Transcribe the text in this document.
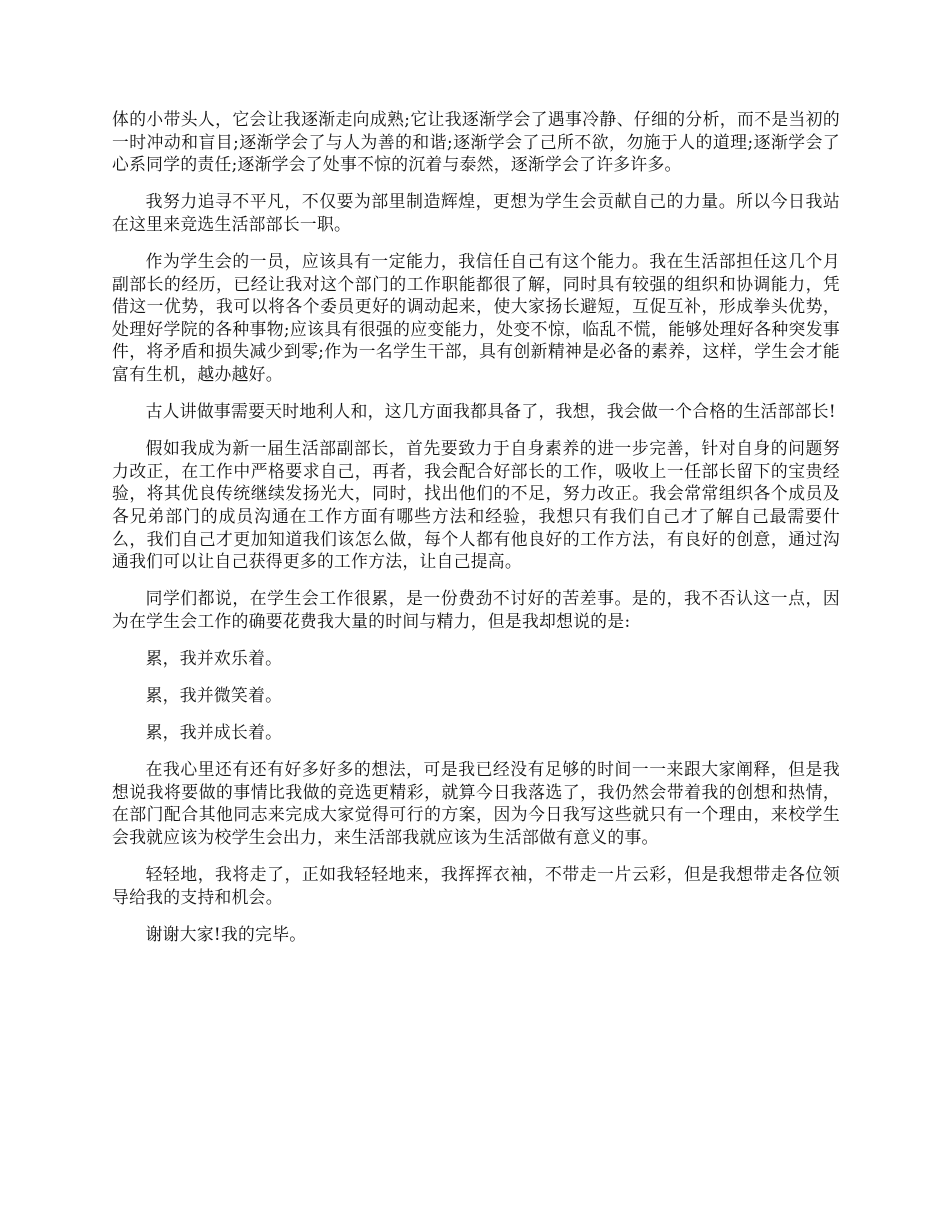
体的小带头人，它会让我逐渐走向成熟;它让我逐渐学会了遇事冷静、仔细的分析，而不是当初的一时冲动和盲目;逐渐学会了与人为善的和谐;逐渐学会了己所不欲，勿施于人的道理;逐渐学会了心系同学的责任;逐渐学会了处事不惊的沉着与泰然，逐渐学会了许多许多。

我努力追寻不平凡，不仅要为部里制造辉煌，更想为学生会贡献自己的力量。所以今日我站在这里来竞选生活部部长一职。

作为学生会的一员，应该具有一定能力，我信任自己有这个能力。我在生活部担任这几个月副部长的经历，已经让我对这个部门的工作职能都很了解，同时具有较强的组织和协调能力，凭借这一优势，我可以将各个委员更好的调动起来，使大家扬长避短，互促互补，形成拳头优势，处理好学院的各种事物;应该具有很强的应变能力，处变不惊，临乱不慌，能够处理好各种突发事件，将矛盾和损失减少到零;作为一名学生干部，具有创新精神是必备的素养，这样，学生会才能富有生机，越办越好。

古人讲做事需要天时地利人和，这几方面我都具备了，我想，我会做一个合格的生活部部长!

假如我成为新一届生活部副部长，首先要致力于自身素养的进一步完善，针对自身的问题努力改正，在工作中严格要求自己，再者，我会配合好部长的工作，吸收上一任部长留下的宝贵经验，将其优良传统继续发扬光大，同时，找出他们的不足，努力改正。我会常常组织各个成员及各兄弟部门的成员沟通在工作方面有哪些方法和经验，我想只有我们自己才了解自己最需要什么，我们自己才更加知道我们该怎么做，每个人都有他良好的工作方法，有良好的创意，通过沟通我们可以让自己获得更多的工作方法，让自己提高。

同学们都说，在学生会工作很累，是一份费劲不讨好的苦差事。是的，我不否认这一点，因为在学生会工作的确要花费我大量的时间与精力，但是我却想说的是:

累，我并欢乐着。

累，我并微笑着。

累，我并成长着。

在我心里还有还有好多好多的想法，可是我已经没有足够的时间一一来跟大家阐释，但是我想说我将要做的事情比我做的竞选更精彩，就算今日我落选了，我仍然会带着我的创想和热情，在部门配合其他同志来完成大家觉得可行的方案，因为今日我写这些就只有一个理由，来校学生会我就应该为校学生会出力，来生活部我就应该为生活部做有意义的事。

轻轻地，我将走了，正如我轻轻地来，我挥挥衣袖，不带走一片云彩，但是我想带走各位领导给我的支持和机会。

谢谢大家!我的完毕。
